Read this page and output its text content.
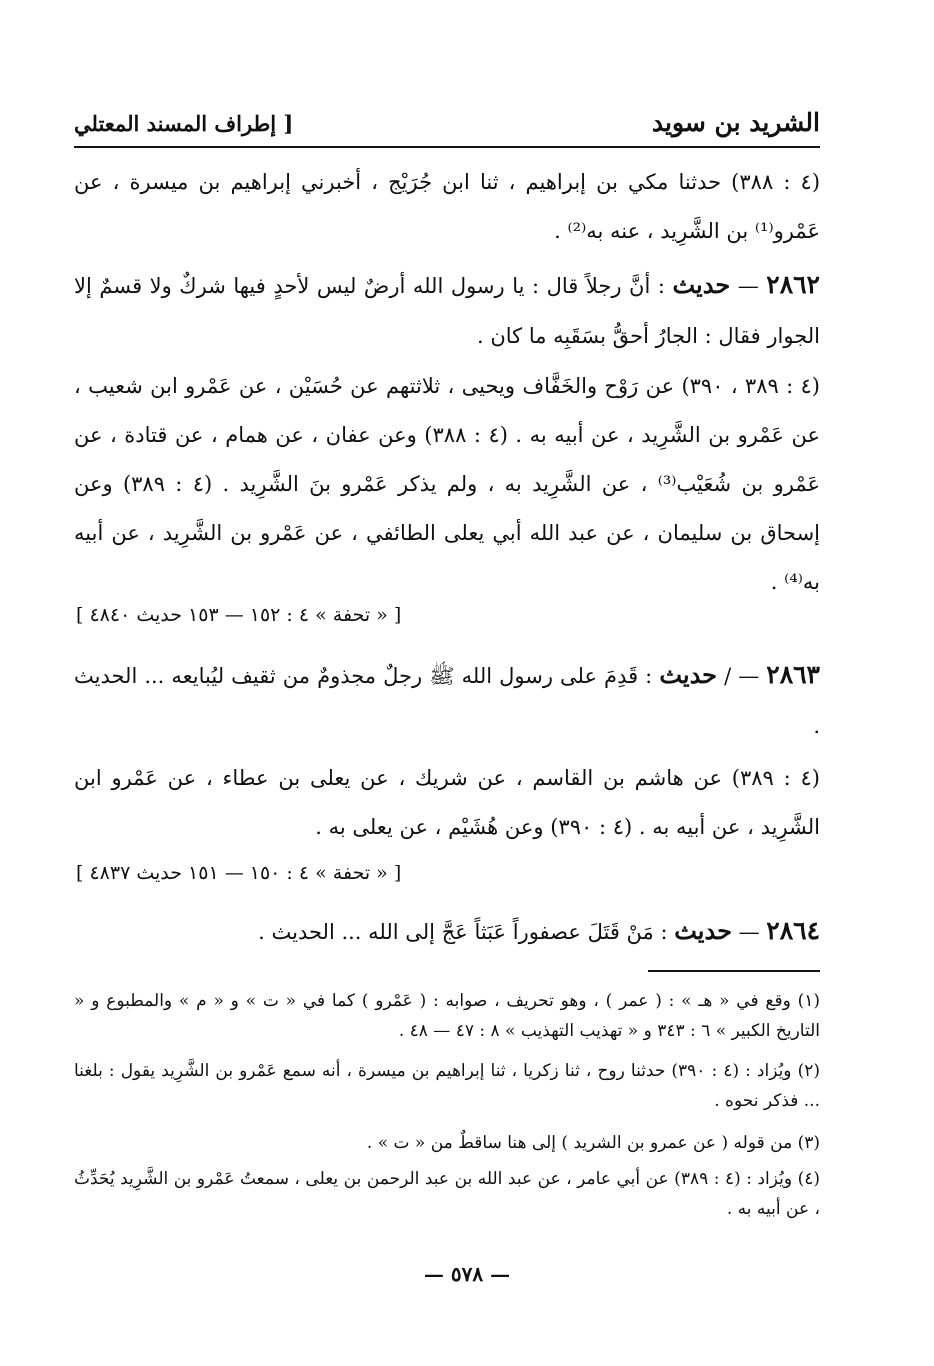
الشريد بن سويد
[ إطراف المسند المعتلي
(٤ : ٣٨٨) حدثنا مكي بن إبراهيم ، ثنا ابن جُرَيْج ، أخبرني إبراهيم بن ميسرة ، عن عَمْرو⁽¹⁾ بن الشَّرِيد ، عنه به⁽²⁾ .
٢٨٦٢ — حديث : أنَّ رجلاً قال : يا رسول الله أرضٌ ليس لأحدٍ فيها شركٌ ولا قسمٌ إلا الجوار فقال : الجارُ أحقُّ بسَقَبِه ما كان .
(٤ : ٣٨٩ ، ٣٩٠) عن رَوْح والخَفَّاف ويحيى ، ثلاثتهم عن حُسَيْن ، عن عَمْرو ابن شعيب ، عن عَمْرو بن الشَّرِيد ، عن أبيه به . (٤ : ٣٨٨) وعن عفان ، عن همام ، عن قتادة ، عن عَمْرو بن شُعَيْب⁽³⁾ ، عن الشَّرِيد به ، ولم يذكر عَمْرو بنَ الشَّرِيد . (٤ : ٣٨٩) وعن إسحاق بن سليمان ، عن عبد الله أبي يعلى الطائفي ، عن عَمْرو بن الشَّرِيد ، عن أبيه به⁽⁴⁾ .
[ « تحفة » ٤ : ١٥٢ — ١٥٣ حديث ٤٨٤٠ ]
٢٨٦٣ — / حديث : قَدِمَ على رسول الله ﷺ رجلٌ مجذومٌ من ثقيف ليُبايعه ... الحديث .
(٤ : ٣٨٩) عن هاشم بن القاسم ، عن شريك ، عن يعلى بن عطاء ، عن عَمْرو ابن الشَّرِيد ، عن أبيه به . (٤ : ٣٩٠) وعن هُشَيْم ، عن يعلى به .
[ « تحفة » ٤ : ١٥٠ — ١٥١ حديث ٤٨٣٧ ]
٢٨٦٤ — حديث : مَنْ قَتَلَ عصفوراً عَبَثاً عَجَّ إلى الله ... الحديث .
(١) وقع في « هـ » : ( عمر ) ، وهو تحريف ، صوابه : ( عَمْرو ) كما في « ت » و « م » والمطبوع و « التاريخ الكبير » ٦ : ٣٤٣ و « تهذيب التهذيب » ٨ : ٤٧ — ٤٨ .
(٢) ويُزاد : (٤ : ٣٩٠) حدثنا روح ، ثنا زكريا ، ثنا إبراهيم بن ميسرة ، أنه سمع عَمْرو بن الشَّرِيد يقول : بلغنا ... فذكر نحوه .
(٣) من قوله ( عن عمرو بن الشريد ) إلى هنا ساقطٌ من « ت » .
(٤) ويُزاد : (٤ : ٣٨٩) عن أبي عامر ، عن عبد الله بن عبد الرحمن بن يعلى ، سمعتُ عَمْرو بن الشَّرِيد يُحَدِّثُ ، عن أبيه به .
— ٥٧٨ —
